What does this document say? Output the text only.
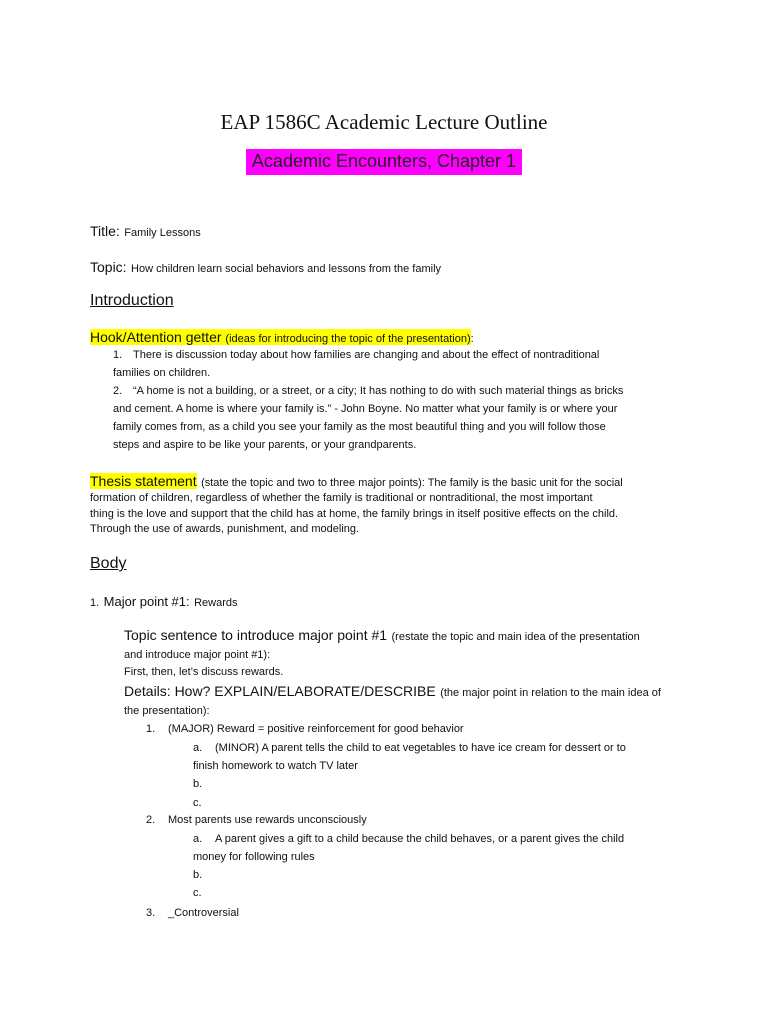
EAP 1586C Academic Lecture Outline
Academic Encounters, Chapter 1
Title: Family Lessons
Topic: How children learn social behaviors and lessons from the family
Introduction
Hook/Attention getter (ideas for introducing the topic of the presentation):
1. There is discussion today about how families are changing and about the effect of nontraditional
families on children.
2. “A home is not a building, or a street, or a city; It has nothing to do with such material things as bricks
and cement. A home is where your family is.” - John Boyne. No matter what your family is or where your
family comes from, as a child you see your family as the most beautiful thing and you will follow those
steps and aspire to be like your parents, or your grandparents.
Thesis statement (state the topic and two to three major points): The family is the basic unit for the social
formation of children, regardless of whether the family is traditional or nontraditional, the most important
thing is the love and support that the child has at home, the family brings in itself positive effects on the child.
Through the use of awards, punishment, and modeling.
Body
1. Major point #1: Rewards
Topic sentence to introduce major point #1 (restate the topic and main idea of the presentation
and introduce major point #1):
First, then, let’s discuss rewards.
Details: How? EXPLAIN/ELABORATE/DESCRIBE (the major point in relation to the main idea of
the presentation):
1. (MAJOR) Reward = positive reinforcement for good behavior
a. (MINOR) A parent tells the child to eat vegetables to have ice cream for dessert or to
finish homework to watch TV later
b.
c.
2. Most parents use rewards unconsciously
a. A parent gives a gift to a child because the child behaves, or a parent gives the child
money for following rules
b.
c.
3. _Controversial
